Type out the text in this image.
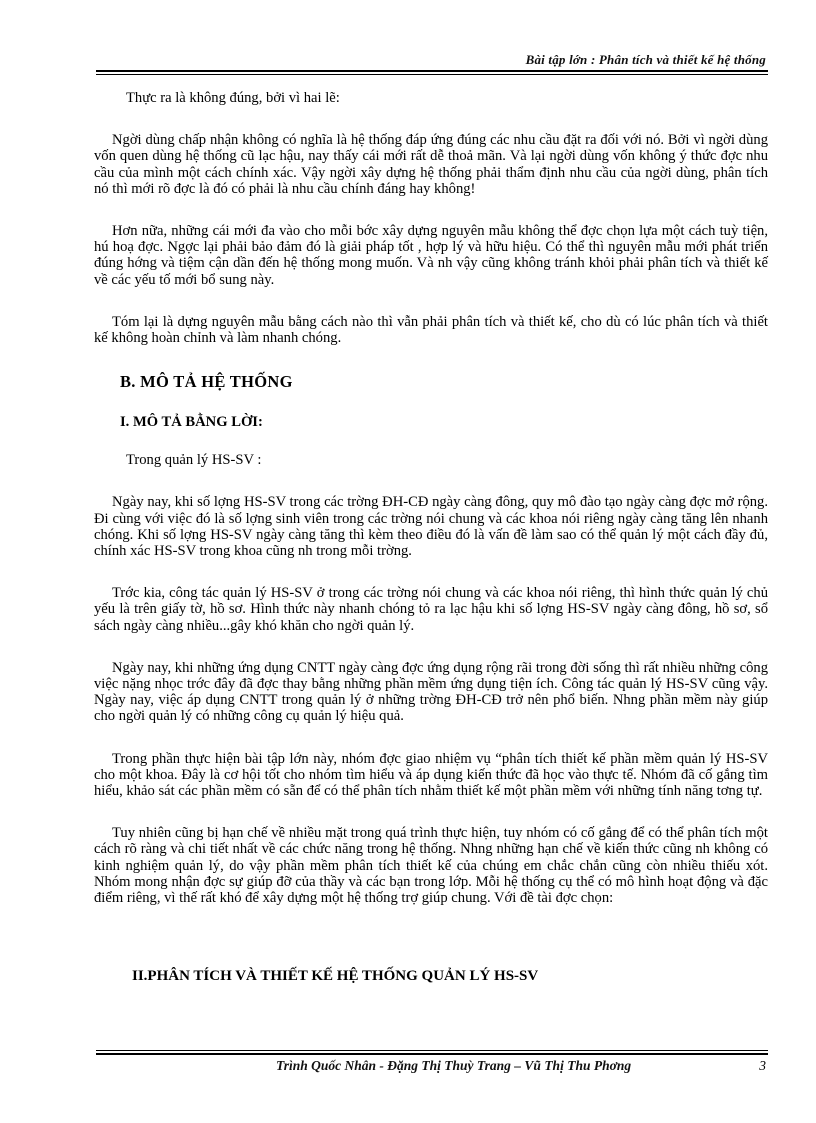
Bài tập lớn : Phân tích và thiết kế hệ thống

Thực ra là không đúng, bởi vì hai lẽ:

Ngời dùng chấp nhận không có nghĩa là hệ thống đáp ứng đúng các nhu cầu đặt ra đối với nó. Bởi vì ngời dùng vốn quen dùng hệ thống cũ lạc hậu, nay thấy cái mới rất dễ thoả mãn. Và lại ngời dùng vốn không ý thức đợc nhu cầu của mình một cách chính xác. Vậy ngời xây dựng hệ thống phải thẩm định nhu cầu của ngời dùng, phân tích nó thì mới rõ đợc là đó có phải là nhu cầu chính đáng hay không!

Hơn nữa, những cái mới đa vào cho mỗi bớc xây dựng nguyên mẫu không thể đợc chọn lựa một cách tuỳ tiện, hú hoạ đợc. Ngợc lại phải bảo đảm đó là giải pháp tốt , hợp lý và hữu hiệu. Có thể thì nguyên mẫu mới phát triển đúng hớng và tiệm cận dần đến hệ thống mong muốn. Và nh vậy cũng không tránh khỏi phải phân tích và thiết kế về các yếu tố mới bổ sung này.

Tóm lại là dựng nguyên mẫu bằng cách nào thì vẫn phải phân tích và thiết kế, cho dù có lúc phân tích và thiết kế không hoàn chỉnh và làm nhanh chóng.

B. MÔ TẢ HỆ THỐNG
I. MÔ TẢ BẰNG LỜI:

Trong quản lý HS-SV :

Ngày nay, khi số lợng HS-SV trong các trờng ĐH-CĐ ngày càng đông, quy mô đào tạo ngày càng đợc mở rộng. Đi cùng với việc đó là số lợng sinh viên trong các trờng nói chung và các khoa nói riêng ngày càng tăng lên nhanh chóng. Khi số lợng HS-SV ngày càng tăng thì kèm theo điều đó là vấn đề làm sao có thể quản lý một cách đầy đủ, chính xác HS-SV trong khoa cũng nh trong mỗi trờng.

Trớc kia, công tác quản lý HS-SV ở trong các trờng nói chung và các khoa nói riêng, thì hình thức quản lý chủ yếu là trên giấy tờ, hồ sơ. Hình thức này nhanh chóng tỏ ra lạc hậu khi số lợng HS-SV ngày càng đông, hồ sơ, sổ sách ngày càng nhiều...gây khó khăn cho ngời quản lý.

Ngày nay, khi những ứng dụng CNTT ngày càng đợc ứng dụng rộng rãi trong đời sống thì rất nhiều những công việc nặng nhọc trớc đây đã đợc thay bằng những phần mềm ứng dụng tiện ích. Công tác quản lý HS-SV cũng vậy. Ngày nay, việc áp dụng CNTT trong quản lý ở những trờng ĐH-CĐ trở nên phổ biến. Nhng phần mềm này giúp cho ngời quản lý có những công cụ quản lý hiệu quả.

Trong phần thực hiện bài tập lớn này, nhóm đợc giao nhiệm vụ “phân tích thiết kế phần mềm quản lý HS-SV cho một khoa. Đây là cơ hội tốt cho nhóm tìm hiểu và áp dụng kiến thức đã học vào thực tế. Nhóm đã cố gắng tìm hiểu, khảo sát các phần mềm có sẵn để có thể phân tích nhằm thiết kế một phần mềm với những tính năng tơng tự.

Tuy nhiên cũng bị hạn chế về nhiều mặt trong quá trình thực hiện, tuy nhóm có cố gắng để có thể phân tích một cách rõ ràng và chi tiết nhất về các chức năng trong hệ thống. Nhng những hạn chế về kiến thức cũng nh không có kinh nghiệm quản lý, do vậy phần mềm phân tích thiết kế của chúng em chắc chắn cũng còn nhiều thiếu xót. Nhóm mong nhận đợc sự giúp đỡ của thầy và các bạn trong lớp. Mỗi hệ thống cụ thể có mô hình hoạt động và đặc điểm riêng, vì thế rất khó để xây dựng một hệ thống trợ giúp chung. Với đề tài đợc chọn:

II.PHÂN TÍCH VÀ THIẾT KẾ HỆ THỐNG QUẢN LÝ HS-SV
Trình Quốc Nhân - Đặng Thị Thuỳ Trang – Vũ Thị Thu Phơng	3
